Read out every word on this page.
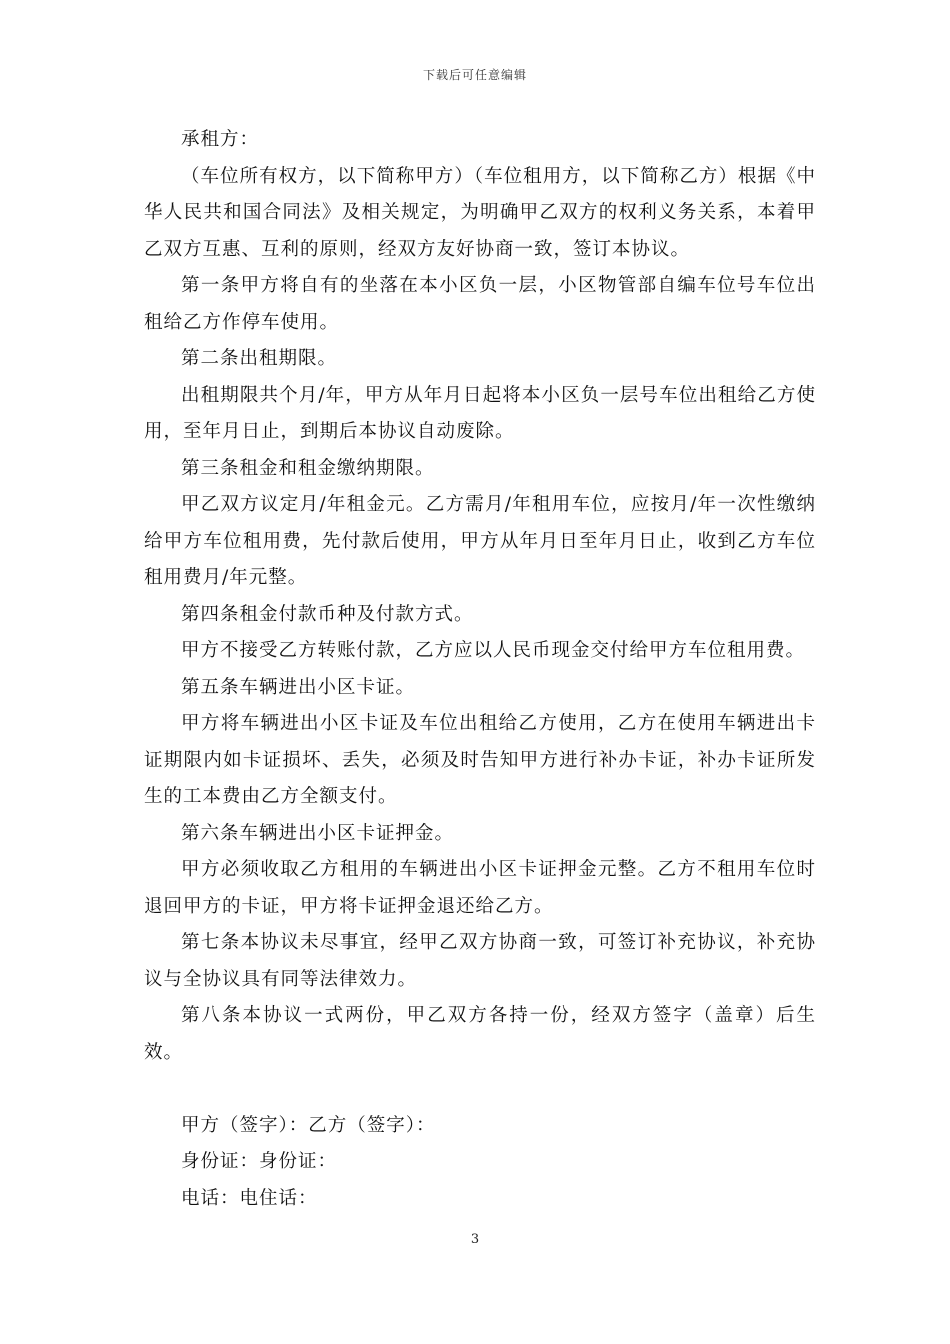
下载后可任意编辑

承租方：

（车位所有权方，以下简称甲方）（车位租用方，以下简称乙方）根据《中华人民共和国合同法》及相关规定，为明确甲乙双方的权利义务关系，本着甲乙双方互惠、互利的原则，经双方友好协商一致，签订本协议。

第一条甲方将自有的坐落在本小区负一层，小区物管部自编车位号车位出租给乙方作停车使用。

第二条出租期限。

出租期限共个月/年，甲方从年月日起将本小区负一层号车位出租给乙方使用，至年月日止，到期后本协议自动废除。

第三条租金和租金缴纳期限。

甲乙双方议定月/年租金元。乙方需月/年租用车位，应按月/年一次性缴纳给甲方车位租用费，先付款后使用，甲方从年月日至年月日止，收到乙方车位租用费月/年元整。

第四条租金付款币种及付款方式。

甲方不接受乙方转账付款，乙方应以人民币现金交付给甲方车位租用费。

第五条车辆进出小区卡证。

甲方将车辆进出小区卡证及车位出租给乙方使用，乙方在使用车辆进出卡证期限内如卡证损坏、丢失，必须及时告知甲方进行补办卡证，补办卡证所发生的工本费由乙方全额支付。

第六条车辆进出小区卡证押金。

甲方必须收取乙方租用的车辆进出小区卡证押金元整。乙方不租用车位时退回甲方的卡证，甲方将卡证押金退还给乙方。

第七条本协议未尽事宜，经甲乙双方协商一致，可签订补充协议，补充协议与全协议具有同等法律效力。

第八条本协议一式两份，甲乙双方各持一份，经双方签字（盖章）后生效。

甲方（签字）：乙方（签字）：

身份证：身份证：

电话：电住话：

3
